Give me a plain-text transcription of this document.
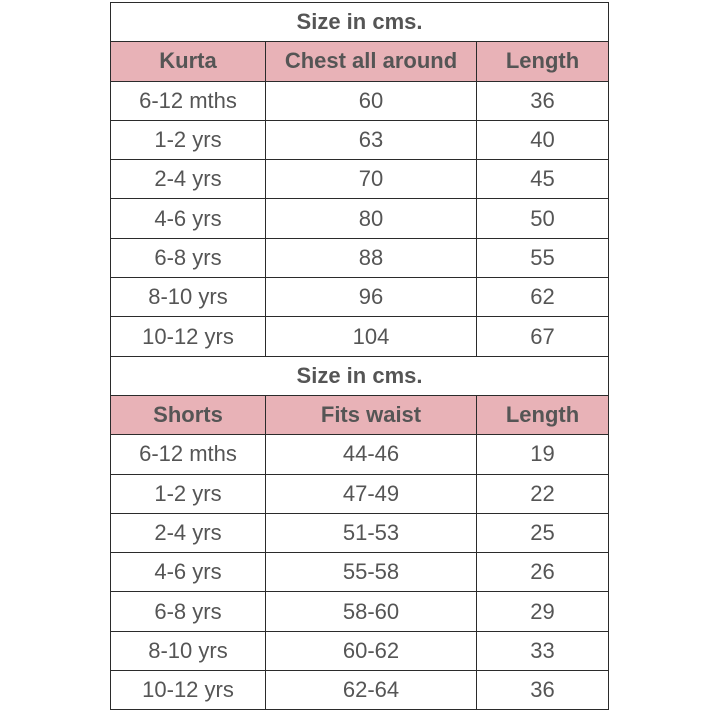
Size in cms.		
Kurta	Chest all around	Length
6-12 mths	60	36
1-2 yrs	63	40
2-4 yrs	70	45
4-6 yrs	80	50
6-8 yrs	88	55
8-10 yrs	96	62
10-12 yrs	104	67
Size in cms.		
Shorts	Fits waist	Length
6-12 mths	44-46	19
1-2 yrs	47-49	22
2-4 yrs	51-53	25
4-6 yrs	55-58	26
6-8 yrs	58-60	29
8-10 yrs	60-62	33
10-12 yrs	62-64	36
